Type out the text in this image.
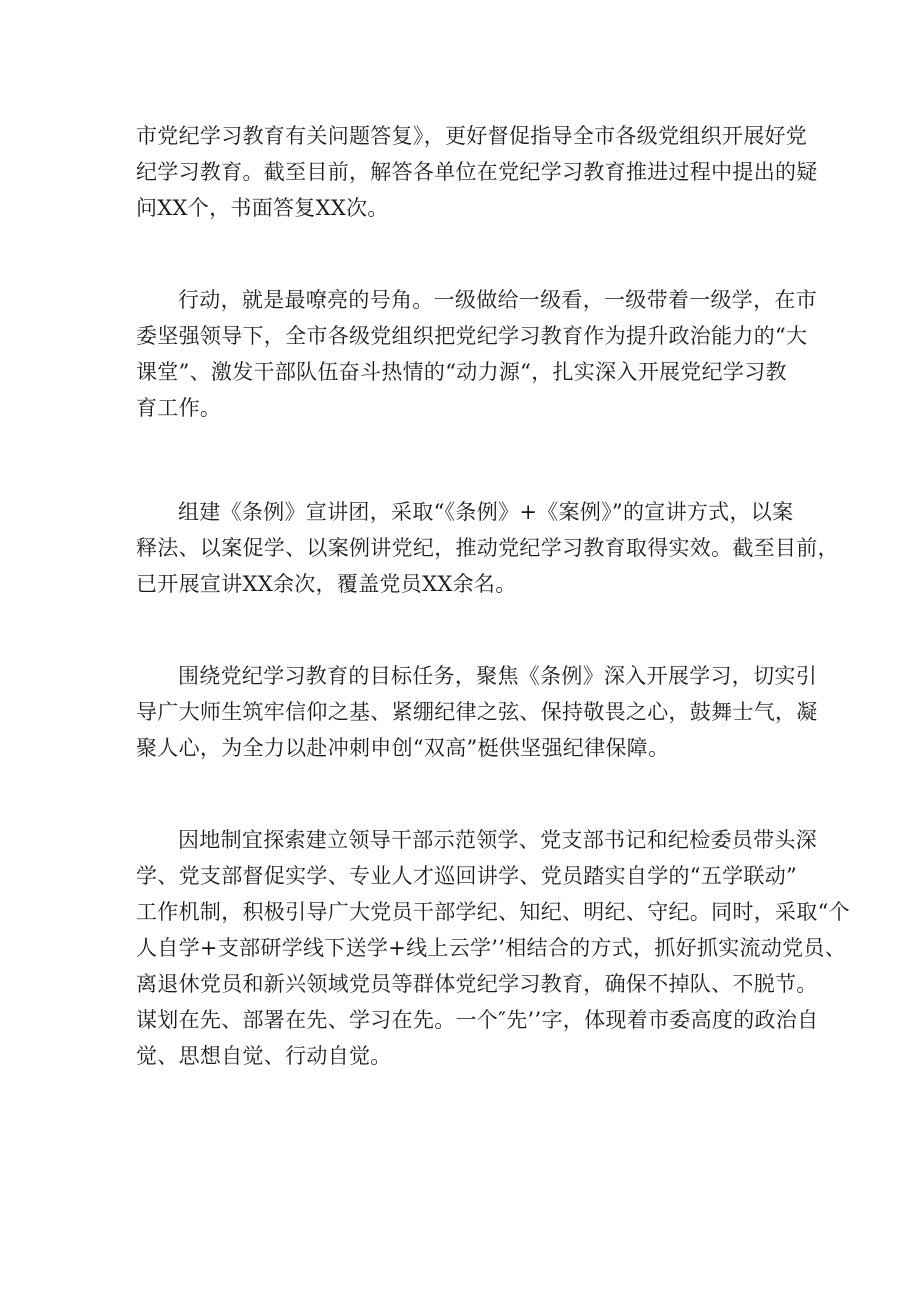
市党纪学习教育有关问题答复》，更好督促指导全市各级党组织开展好党
纪学习教育。截至目前，解答各单位在党纪学习教育推进过程中提出的疑
问XX个，书面答复XX次。

行动，就是最嘹亮的号角。一级做给一级看，一级带着一级学，在市
委坚强领导下，全市各级党组织把党纪学习教育作为提升政治能力的“大
课堂”、激发干部队伍奋斗热情的“动力源“，扎实深入开展党纪学习教
育工作。

组建《条例》宣讲团，采取“《条例》+《案例》”的宣讲方式，以案
释法、以案促学、以案例讲党纪，推动党纪学习教育取得实效。截至目前，
已开展宣讲XX余次，覆盖党员XX余名。

围绕党纪学习教育的目标任务，聚焦《条例》深入开展学习，切实引
导广大师生筑牢信仰之基、紧绷纪律之弦、保持敬畏之心，鼓舞士气，凝
聚人心，为全力以赴冲刺申创“双高”梃供坚强纪律保障。

因地制宜探索建立领导干部示范领学、党支部书记和纪检委员带头深
学、党支部督促实学、专业人才巡回讲学、党员踏实自学的“五学联动”
工作机制，积极引导广大党员干部学纪、知纪、明纪、守纪。同时，采取“个
人自学+支部研学线下送学+线上云学’’相结合的方式，抓好抓实流动党员、
离退休党员和新兴领域党员等群体党纪学习教育，确保不掉队、不脱节。
谋划在先、部署在先、学习在先。一个″先’’字，体现着市委高度的政治自
觉、思想自觉、行动自觉。
